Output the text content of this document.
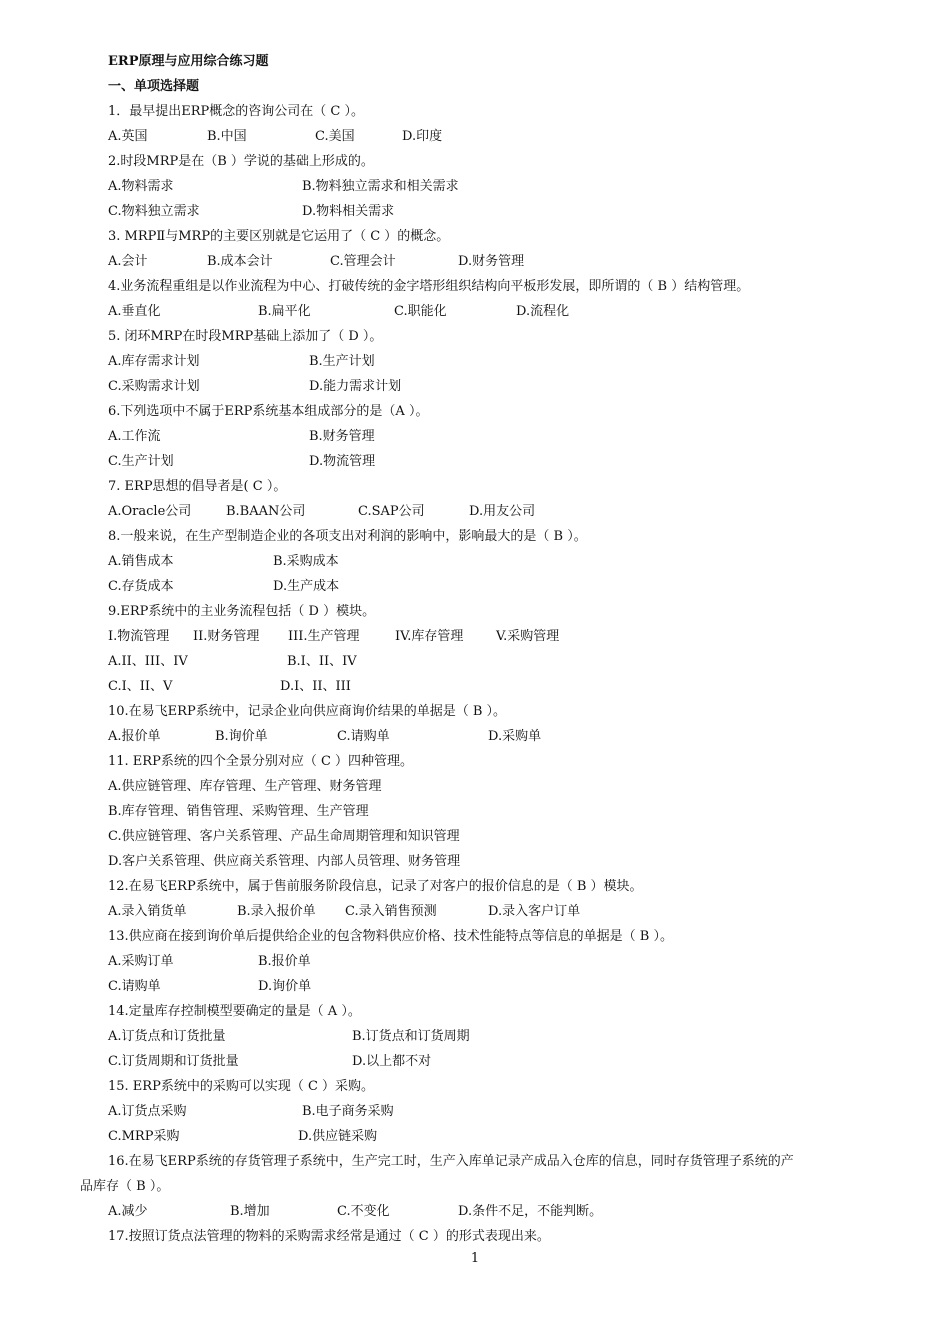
ERP原理与应用综合练习题
一、单项选择题
1．最早提出ERP概念的咨询公司在（ C ）。
A.英国	B.中国	C.美国	D.印度
2.时段MRP是在（B ）学说的基础上形成的。
A.物料需求	B.物料独立需求和相关需求
C.物料独立需求	D.物料相关需求
3. MRPⅡ与MRP的主要区别就是它运用了（ C ）的概念。
A.会计	B.成本会计	C.管理会计	D.财务管理
4.业务流程重组是以作业流程为中心、打破传统的金字塔形组织结构向平板形发展，即所谓的（ B ）结构管理。
A.垂直化	B.扁平化	C.职能化	D.流程化
5. 闭环MRP在时段MRP基础上添加了（ D ）。
A.库存需求计划	B.生产计划
C.采购需求计划	D.能力需求计划
6.下列选项中不属于ERP系统基本组成部分的是（A ）。
A.工作流	B.财务管理
C.生产计划	D.物流管理
7. ERP思想的倡导者是( C ）。
A.Oracle公司	B.BAAN公司	C.SAP公司	D.用友公司
8.一般来说，在生产型制造企业的各项支出对利润的影响中，影响最大的是（ B ）。
A.销售成本	B.采购成本
C.存货成本	D.生产成本
9.ERP系统中的主业务流程包括（ D ）模块。
I.物流管理 II.财务管理 III.生产管理	IV.库存管理	V.采购管理
A.II、III、IV	B.I、II、IV
C.I、II、V	D.I、II、III
10.在易飞ERP系统中，记录企业向供应商询价结果的单据是（ B ）。
A.报价单	B.询价单	C.请购单	D.采购单
11. ERP系统的四个全景分别对应（ C ）四种管理。
A.供应链管理、库存管理、生产管理、财务管理
B.库存管理、销售管理、采购管理、生产管理
C.供应链管理、客户关系管理、产品生命周期管理和知识管理
D.客户关系管理、供应商关系管理、内部人员管理、财务管理
12.在易飞ERP系统中，属于售前服务阶段信息，记录了对客户的报价信息的是（ B ）模块。
A.录入销货单	B.录入报价单 C.录入销售预测	D.录入客户订单
13.供应商在接到询价单后提供给企业的包含物料供应价格、技术性能特点等信息的单据是（ B ）。
A.采购订单	B.报价单
C.请购单	D.询价单
14.定量库存控制模型要确定的量是（ A ）。
A.订货点和订货批量	B.订货点和订货周期
C.订货周期和订货批量	D.以上都不对
15. ERP系统中的采购可以实现（ C ）采购。
A.订货点采购	B.电子商务采购
C.MRP采购	D.供应链采购
16.在易飞ERP系统的存货管理子系统中，生产完工时，生产入库单记录产成品入仓库的信息，同时存货管理子系统的产
品库存（ B ）。
A.减少	B.增加	C.不变化	D.条件不足，不能判断。
17.按照订货点法管理的物料的采购需求经常是通过（ C ）的形式表现出来。
1
